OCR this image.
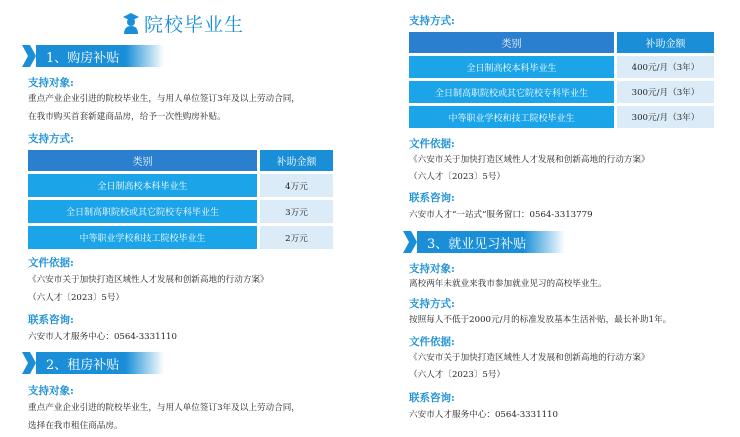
院校毕业生
1、购房补贴
支持对象:
重点产业企业引进的院校毕业生，与用人单位签订3年及以上劳动合同，
在我市购买首套新建商品房，给予一次性购房补贴。
支持方式:
类别	补助金额
全日制高校本科毕业生	4万元
全日制高职院校或其它院校专科毕业生	3万元
中等职业学校和技工院校毕业生	2万元
文件依据:
《六安市关于加快打造区域性人才发展和创新高地的行动方案》
（六人才〔2023〕5号）
联系咨询:
六安市人才服务中心：0564-3331110
2、租房补贴
支持对象:
重点产业企业引进的院校毕业生，与用人单位签订3年及以上劳动合同，
选择在我市租住商品房。
支持方式:
类别	补助金额
全日制高校本科毕业生	400元/月（3年）
全日制高职院校或其它院校专科毕业生	300元/月（3年）
中等职业学校和技工院校毕业生	300元/月（3年）
文件依据:
《六安市关于加快打造区域性人才发展和创新高地的行动方案》
（六人才〔2023〕5号）
联系咨询:
六安市人才“一站式”服务窗口：0564-3313779
3、就业见习补贴
支持对象:
离校两年未就业来我市参加就业见习的高校毕业生。
支持方式:
按照每人不低于2000元/月的标准发放基本生活补贴，最长补助1年。
文件依据:
《六安市关于加快打造区域性人才发展和创新高地的行动方案》
（六人才〔2023〕5号）
联系咨询:
六安市人才服务中心：0564-3331110
